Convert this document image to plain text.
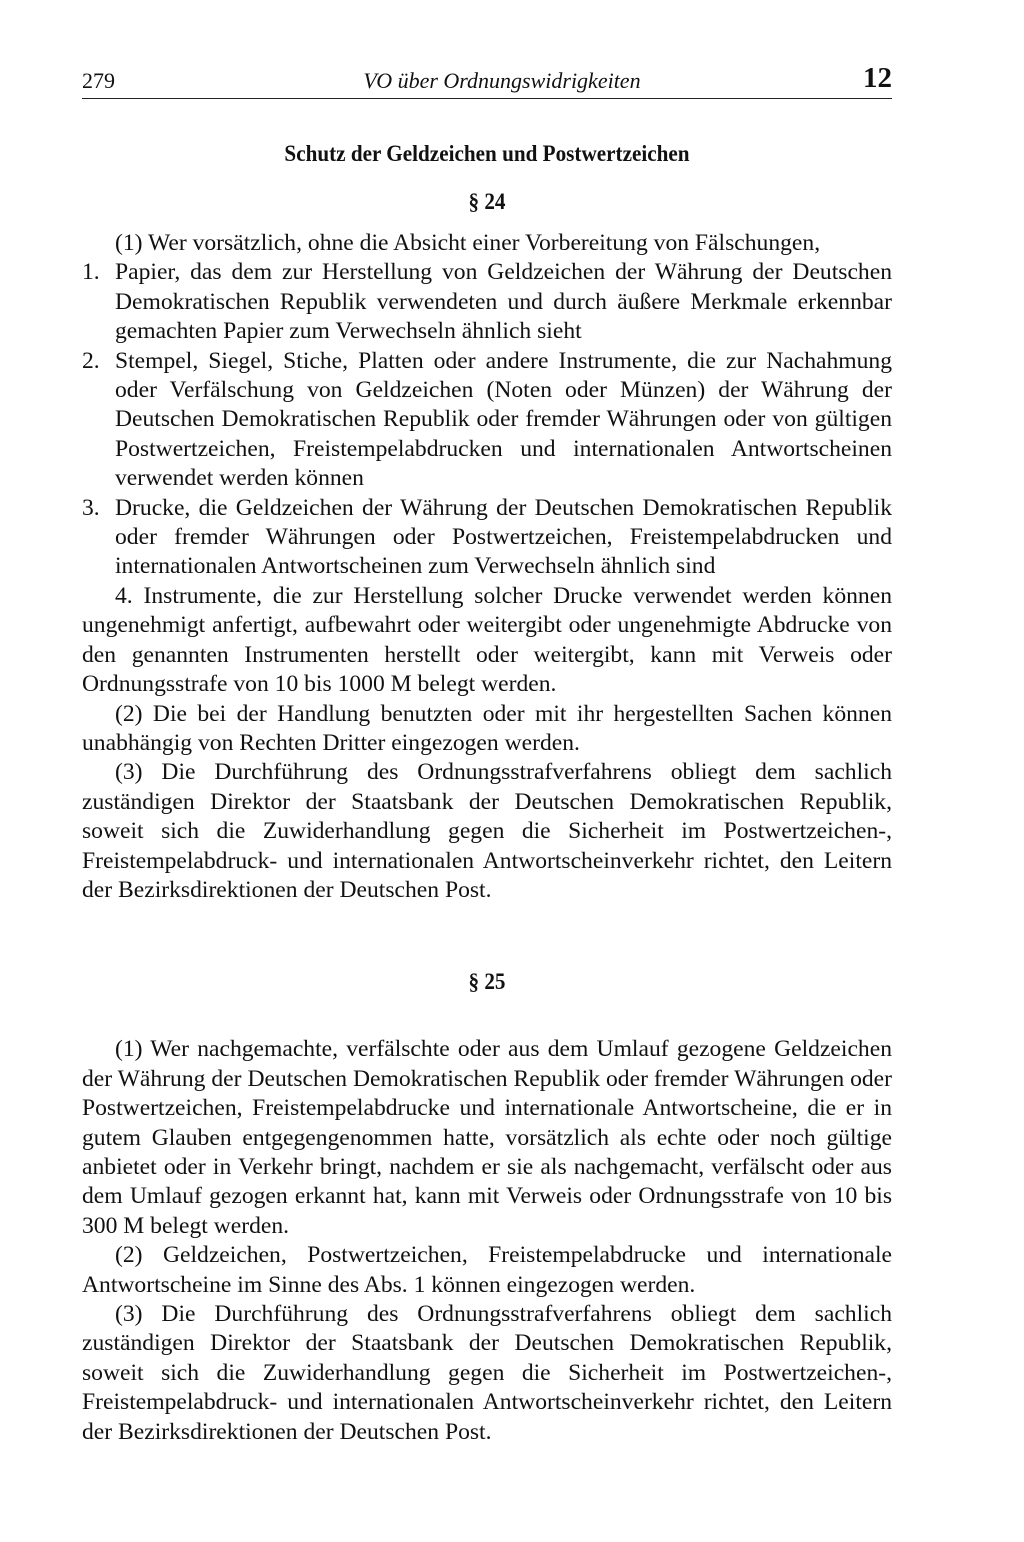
279	VO über Ordnungswidrigkeiten	12
Schutz der Geldzeichen und Postwertzeichen
§ 24

(1) Wer vorsätzlich, ohne die Absicht einer Vorbereitung von Fälschungen,

1. Papier, das dem zur Herstellung von Geldzeichen der Währung der Deutschen Demokratischen Republik verwendeten und durch äußere Merkmale erkennbar gemachten Papier zum Verwechseln ähnlich sieht
2. Stempel, Siegel, Stiche, Platten oder andere Instrumente, die zur Nachahmung oder Verfälschung von Geldzeichen (Noten oder Münzen) der Währung der Deutschen Demokratischen Republik oder fremder Währungen oder von gültigen Postwertzeichen, Freistempelabdrucken und internationalen Antwortscheinen verwendet werden können
3. Drucke, die Geldzeichen der Währung der Deutschen Demokratischen Republik oder fremder Währungen oder Postwertzeichen, Freistempelabdrucken und internationalen Antwortscheinen zum Verwechseln ähnlich sind
4. Instrumente, die zur Herstellung solcher Drucke verwendet werden können ungenehmigt anfertigt, aufbewahrt oder weitergibt oder ungenehmigte Abdrucke von den genannten Instrumenten herstellt oder weitergibt, kann mit Verweis oder Ordnungsstrafe von 10 bis 1000 M belegt werden.

(2) Die bei der Handlung benutzten oder mit ihr hergestellten Sachen können unabhängig von Rechten Dritter eingezogen werden.

(3) Die Durchführung des Ordnungsstrafverfahrens obliegt dem sachlich zuständigen Direktor der Staatsbank der Deutschen Demokratischen Republik, soweit sich die Zuwiderhandlung gegen die Sicherheit im Postwertzeichen-, Freistempelabdruck- und internationalen Antwortscheinverkehr richtet, den Leitern der Bezirksdirektionen der Deutschen Post.

§ 25

(1) Wer nachgemachte, verfälschte oder aus dem Umlauf gezogene Geldzeichen der Währung der Deutschen Demokratischen Republik oder fremder Währungen oder Postwertzeichen, Freistempelabdrucke und internationale Antwortscheine, die er in gutem Glauben entgegengenommen hatte, vorsätzlich als echte oder noch gültige anbietet oder in Verkehr bringt, nachdem er sie als nachgemacht, verfälscht oder aus dem Umlauf gezogen erkannt hat, kann mit Verweis oder Ordnungsstrafe von 10 bis 300 M belegt werden.

(2) Geldzeichen, Postwertzeichen, Freistempelabdrucke und internationale Antwortscheine im Sinne des Abs. 1 können eingezogen werden.

(3) Die Durchführung des Ordnungsstrafverfahrens obliegt dem sachlich zuständigen Direktor der Staatsbank der Deutschen Demokratischen Republik, soweit sich die Zuwiderhandlung gegen die Sicherheit im Postwertzeichen-, Freistempelabdruck- und internationalen Antwortscheinverkehr richtet, den Leitern der Bezirksdirektionen der Deutschen Post.
